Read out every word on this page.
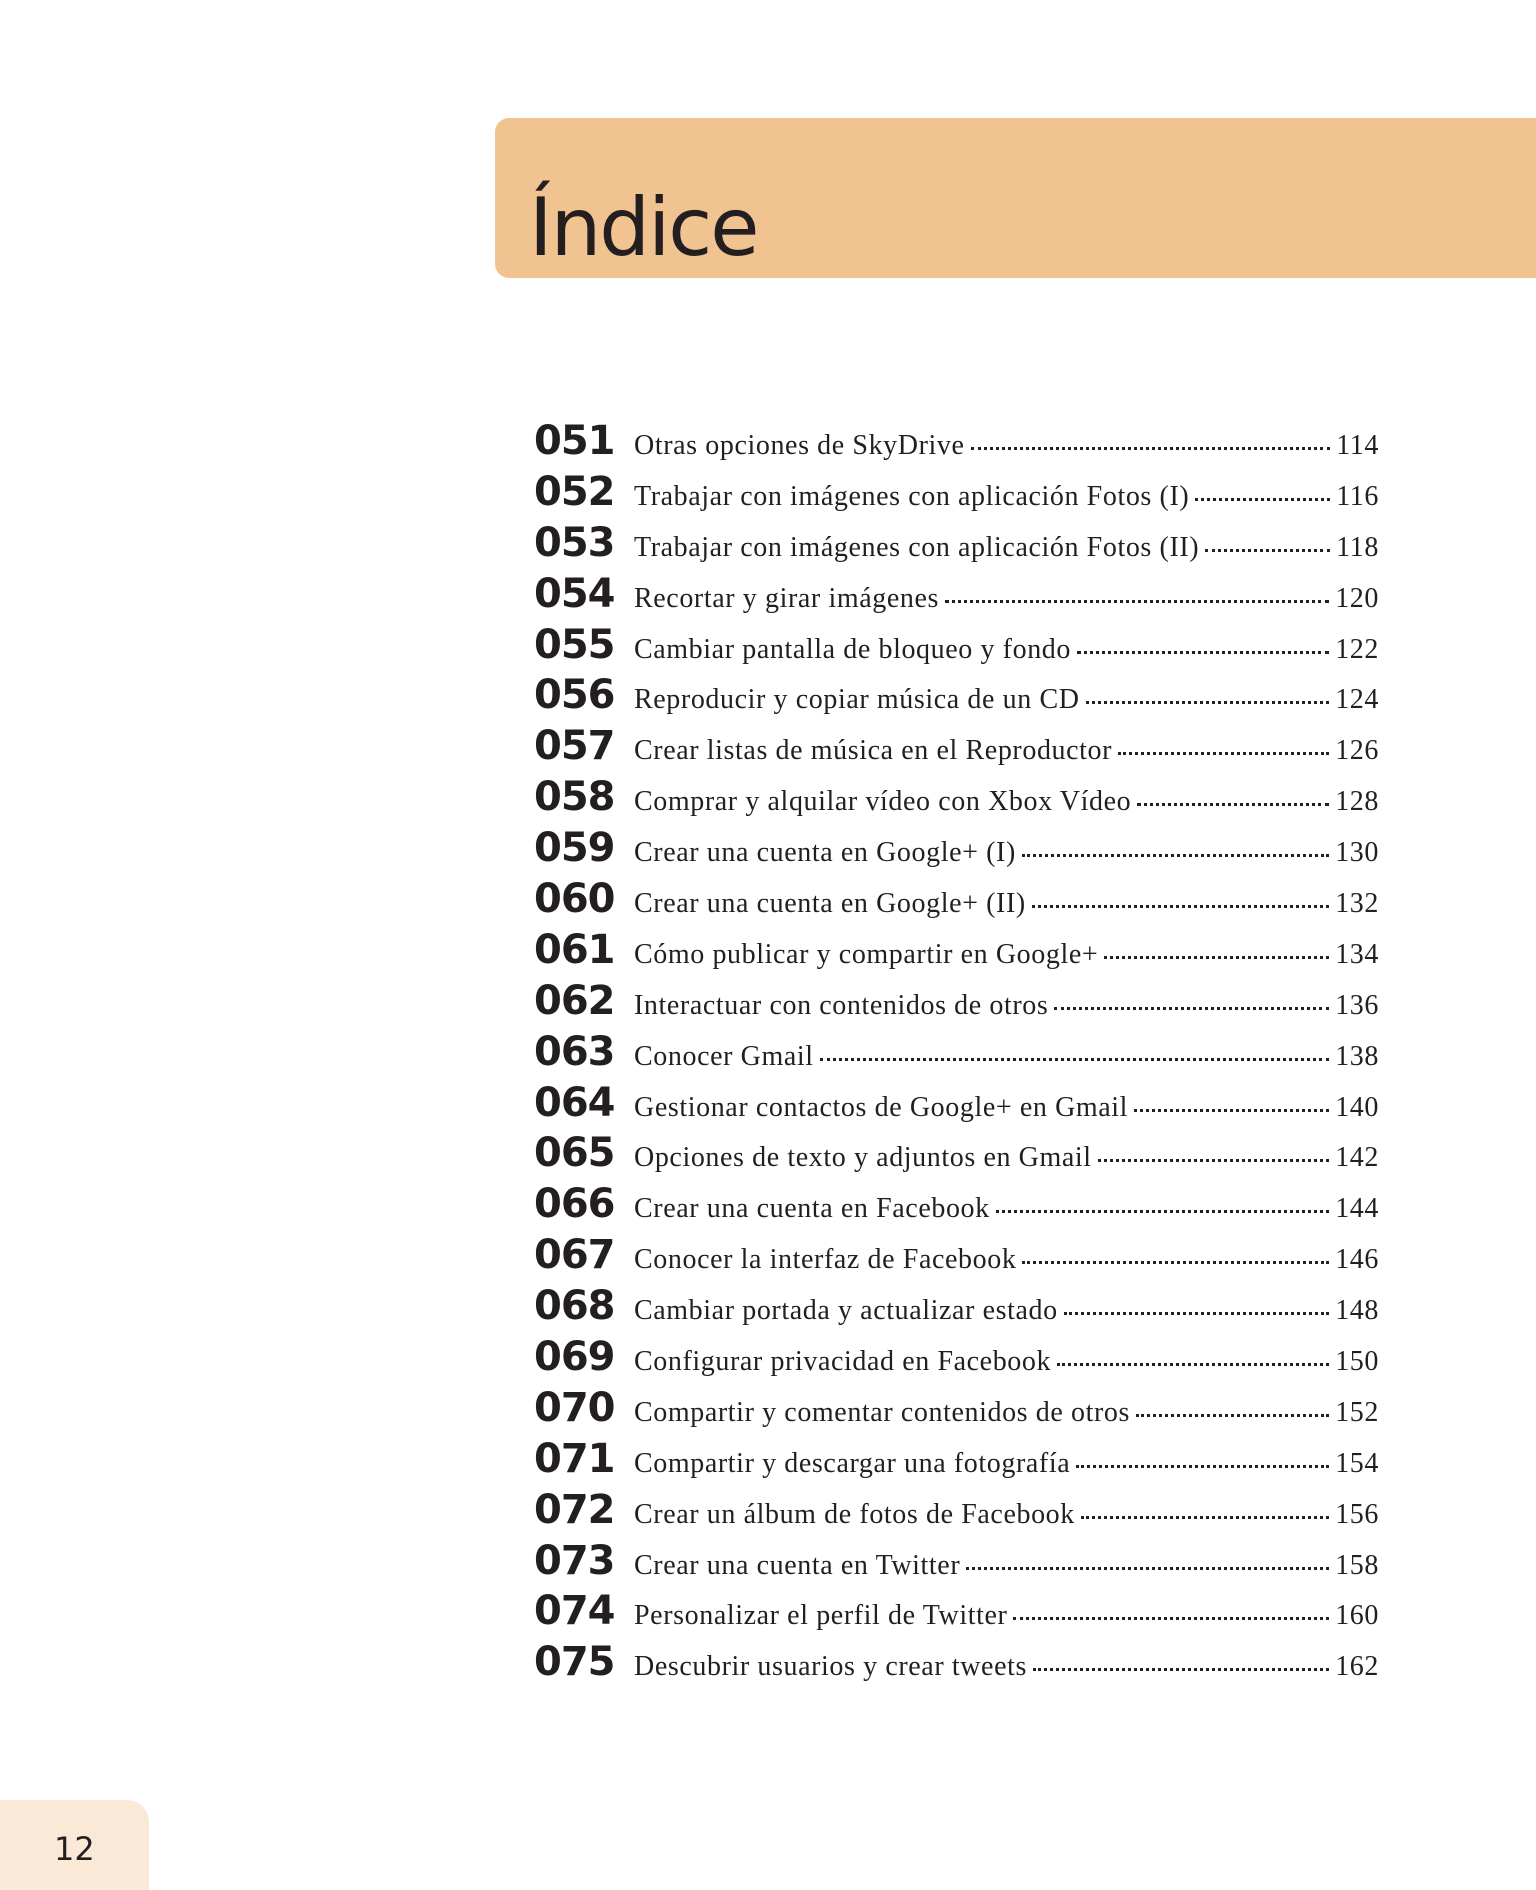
Índice
051 Otras opciones de SkyDrive	114
052 Trabajar con imágenes con aplicación Fotos (I)	116
053 Trabajar con imágenes con aplicación Fotos (II)	118
054 Recortar y girar imágenes	120
055 Cambiar pantalla de bloqueo y fondo	122
056 Reproducir y copiar música de un CD	124
057 Crear listas de música en el Reproductor	126
058 Comprar y alquilar vídeo con Xbox Vídeo	128
059 Crear una cuenta en Google+ (I)	130
060 Crear una cuenta en Google+ (II)	132
061 Cómo publicar y compartir en Google+	134
062 Interactuar con contenidos de otros	136
063 Conocer Gmail	138
064 Gestionar contactos de Google+ en Gmail	140
065 Opciones de texto y adjuntos en Gmail	142
066 Crear una cuenta en Facebook	144
067 Conocer la interfaz de Facebook	146
068 Cambiar portada y actualizar estado	148
069 Configurar privacidad en Facebook	150
070 Compartir y comentar contenidos de otros	152
071 Compartir y descargar una fotografía	154
072 Crear un álbum de fotos de Facebook	156
073 Crear una cuenta en Twitter	158
074 Personalizar el perfil de Twitter	160
075 Descubrir usuarios y crear tweets	162
12
